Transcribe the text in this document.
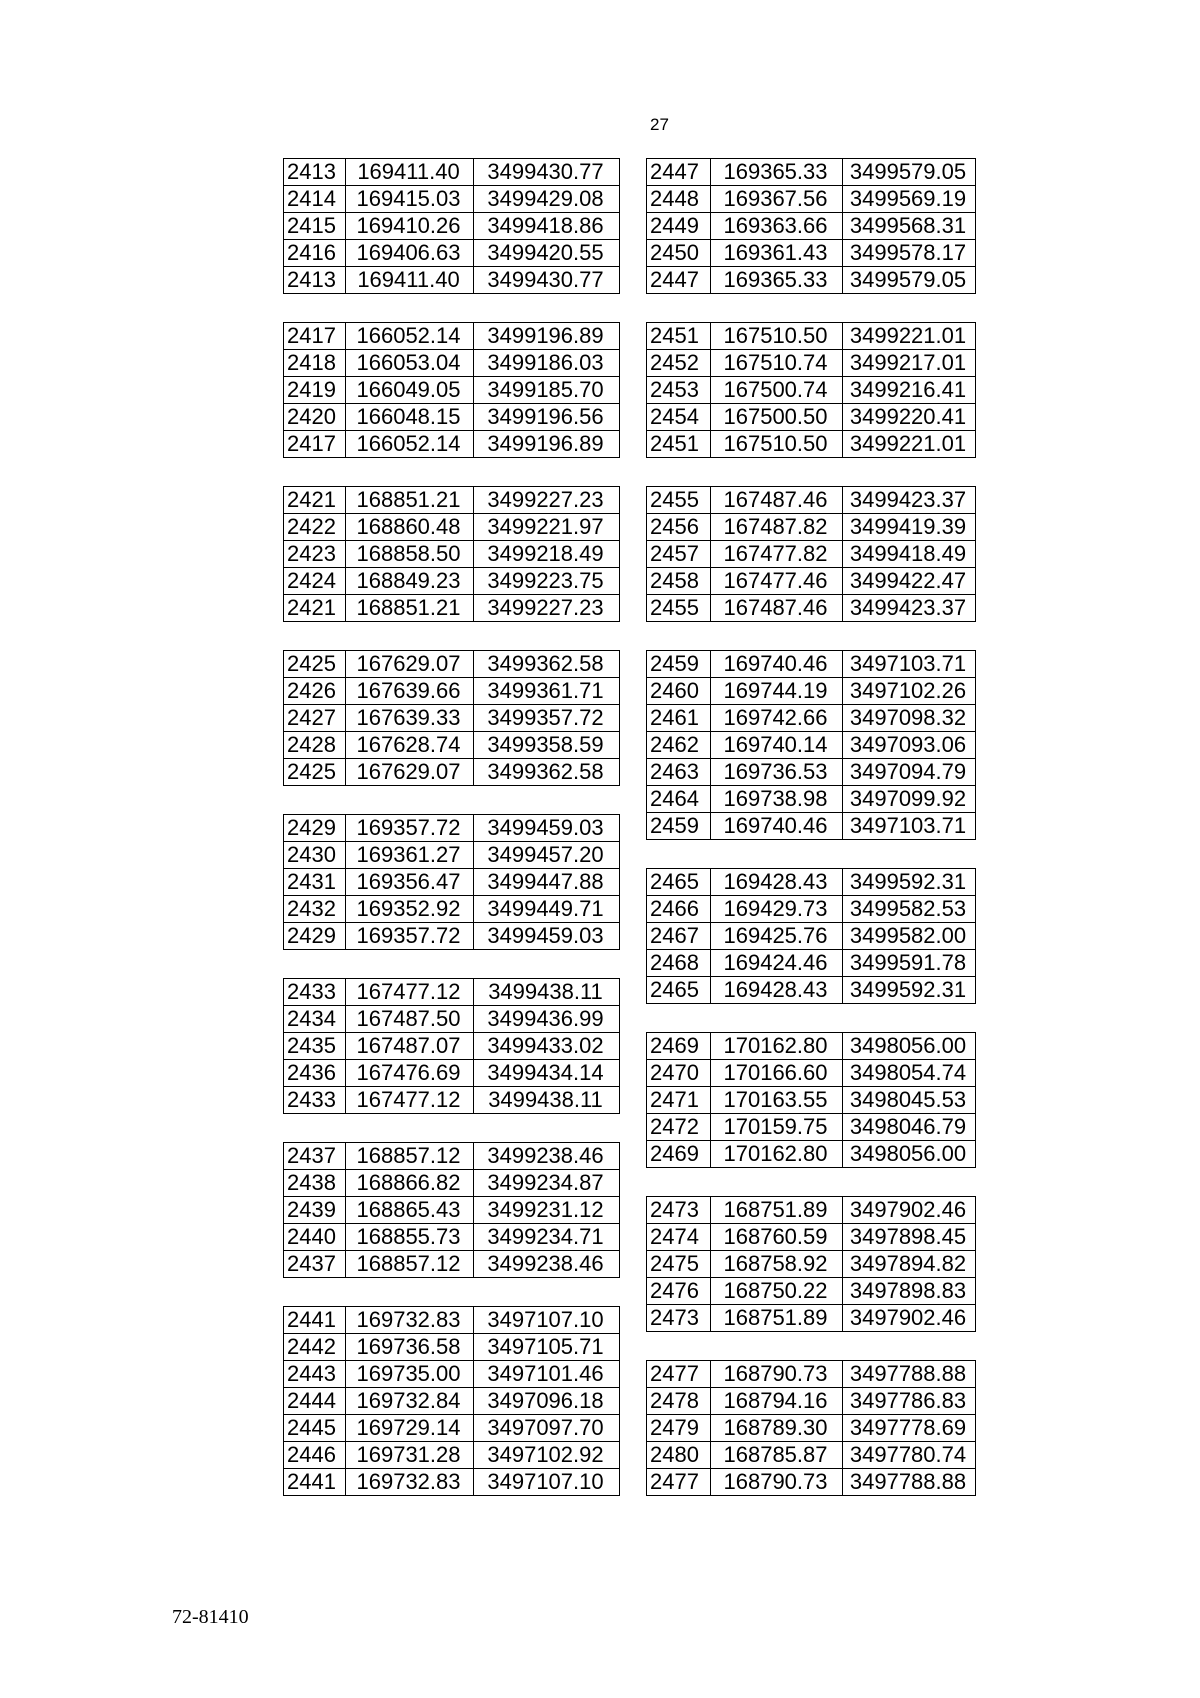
27
2413	169411.40	3499430.77
2414	169415.03	3499429.08
2415	169410.26	3499418.86
2416	169406.63	3499420.55
2413	169411.40	3499430.77
2417	166052.14	3499196.89
2418	166053.04	3499186.03
2419	166049.05	3499185.70
2420	166048.15	3499196.56
2417	166052.14	3499196.89
2421	168851.21	3499227.23
2422	168860.48	3499221.97
2423	168858.50	3499218.49
2424	168849.23	3499223.75
2421	168851.21	3499227.23
2425	167629.07	3499362.58
2426	167639.66	3499361.71
2427	167639.33	3499357.72
2428	167628.74	3499358.59
2425	167629.07	3499362.58
2429	169357.72	3499459.03
2430	169361.27	3499457.20
2431	169356.47	3499447.88
2432	169352.92	3499449.71
2429	169357.72	3499459.03
2433	167477.12	3499438.11
2434	167487.50	3499436.99
2435	167487.07	3499433.02
2436	167476.69	3499434.14
2433	167477.12	3499438.11
2437	168857.12	3499238.46
2438	168866.82	3499234.87
2439	168865.43	3499231.12
2440	168855.73	3499234.71
2437	168857.12	3499238.46
2441	169732.83	3497107.10
2442	169736.58	3497105.71
2443	169735.00	3497101.46
2444	169732.84	3497096.18
2445	169729.14	3497097.70
2446	169731.28	3497102.92
2441	169732.83	3497107.10
2447	169365.33	3499579.05
2448	169367.56	3499569.19
2449	169363.66	3499568.31
2450	169361.43	3499578.17
2447	169365.33	3499579.05
2451	167510.50	3499221.01
2452	167510.74	3499217.01
2453	167500.74	3499216.41
2454	167500.50	3499220.41
2451	167510.50	3499221.01
2455	167487.46	3499423.37
2456	167487.82	3499419.39
2457	167477.82	3499418.49
2458	167477.46	3499422.47
2455	167487.46	3499423.37
2459	169740.46	3497103.71
2460	169744.19	3497102.26
2461	169742.66	3497098.32
2462	169740.14	3497093.06
2463	169736.53	3497094.79
2464	169738.98	3497099.92
2459	169740.46	3497103.71
2465	169428.43	3499592.31
2466	169429.73	3499582.53
2467	169425.76	3499582.00
2468	169424.46	3499591.78
2465	169428.43	3499592.31
2469	170162.80	3498056.00
2470	170166.60	3498054.74
2471	170163.55	3498045.53
2472	170159.75	3498046.79
2469	170162.80	3498056.00
2473	168751.89	3497902.46
2474	168760.59	3497898.45
2475	168758.92	3497894.82
2476	168750.22	3497898.83
2473	168751.89	3497902.46
2477	168790.73	3497788.88
2478	168794.16	3497786.83
2479	168789.30	3497778.69
2480	168785.87	3497780.74
2477	168790.73	3497788.88
72-81410
